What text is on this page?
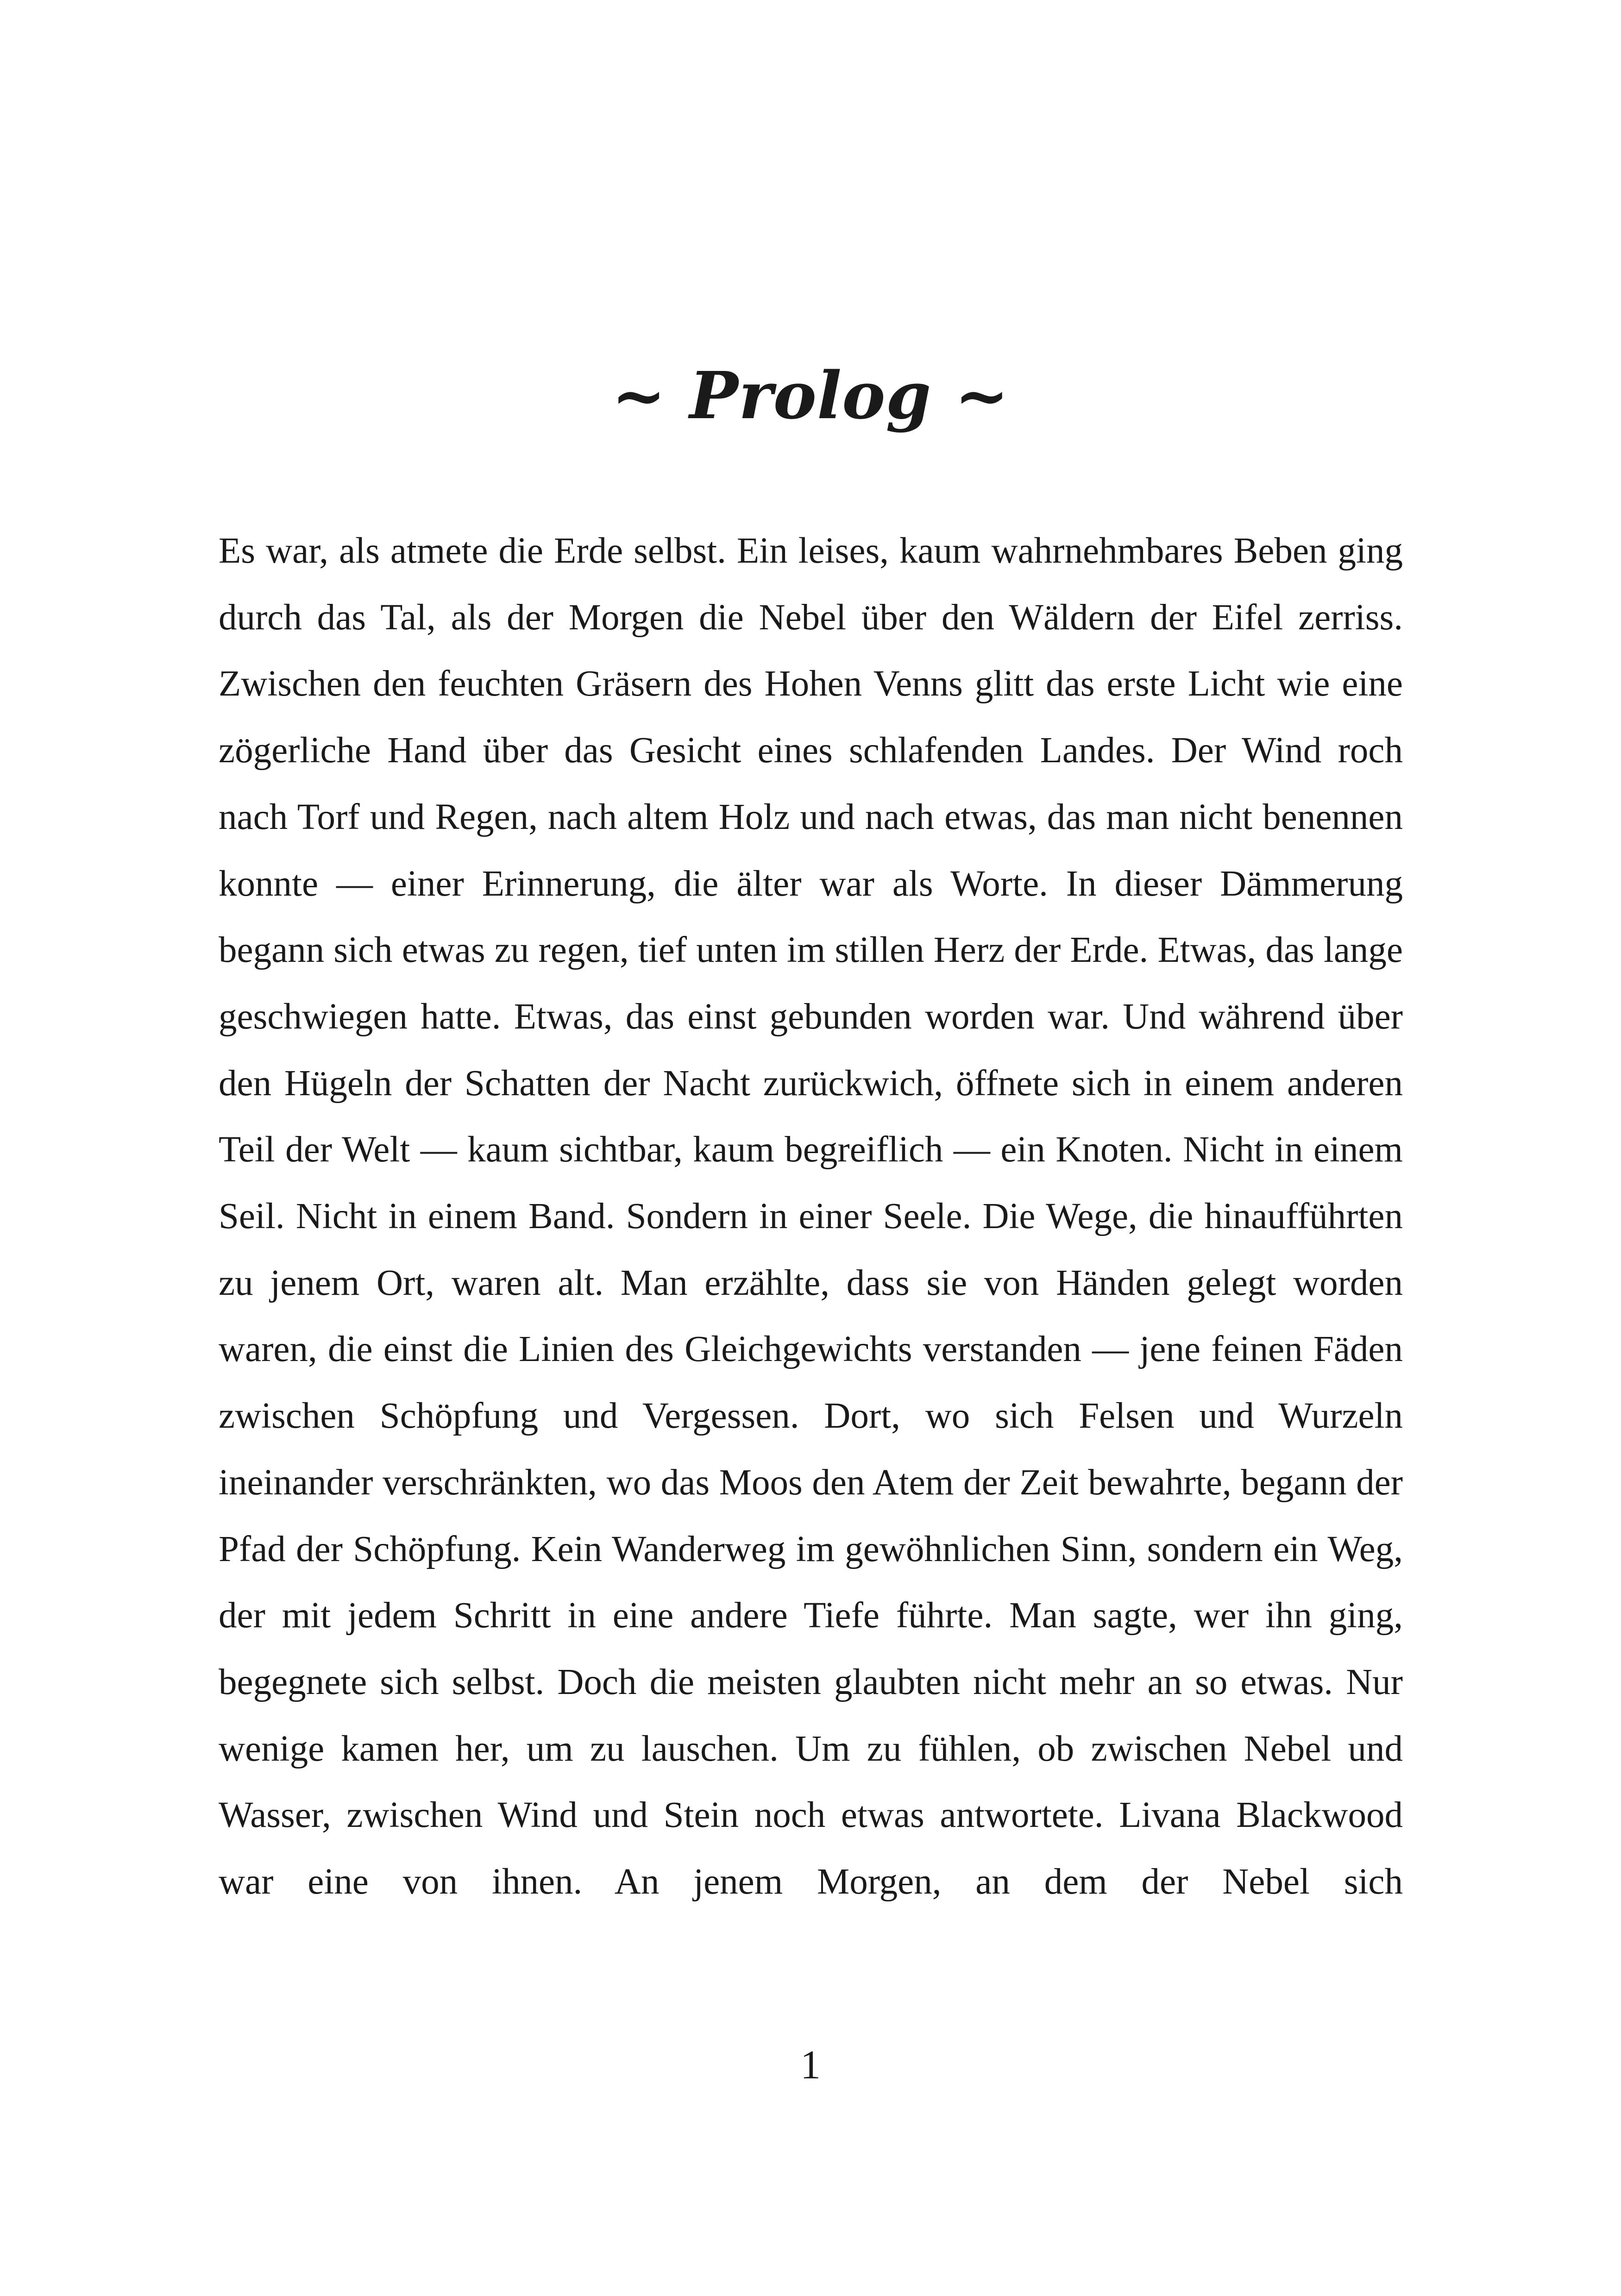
~ Prolog ~

Es war, als atmete die Erde selbst. Ein leises, kaum wahrnehmbares Beben ging durch das Tal, als der Morgen die Nebel über den Wäldern der Eifel zerriss. Zwischen den feuchten Gräsern des Hohen Venns glitt das erste Licht wie eine zögerliche Hand über das Gesicht eines schlafenden Landes. Der Wind roch nach Torf und Regen, nach altem Holz und nach etwas, das man nicht benennen konnte — einer Erinnerung, die älter war als Worte. In dieser Dämmerung begann sich etwas zu regen, tief unten im stillen Herz der Erde. Etwas, das lange geschwiegen hatte. Etwas, das einst gebunden worden war. Und während über den Hügeln der Schatten der Nacht zurückwich, öffnete sich in einem anderen Teil der Welt — kaum sichtbar, kaum begreiflich — ein Knoten. Nicht in einem Seil. Nicht in einem Band. Sondern in einer Seele. Die Wege, die hinaufführten zu jenem Ort, waren alt. Man erzählte, dass sie von Händen gelegt worden waren, die einst die Linien des Gleichgewichts verstanden — jene feinen Fäden zwischen Schöpfung und Vergessen. Dort, wo sich Felsen und Wurzeln ineinander verschränkten, wo das Moos den Atem der Zeit bewahrte, begann der Pfad der Schöpfung. Kein Wanderweg im gewöhnlichen Sinn, sondern ein Weg, der mit jedem Schritt in eine andere Tiefe führte. Man sagte, wer ihn ging, begegnete sich selbst. Doch die meisten glaubten nicht mehr an so etwas. Nur wenige kamen her, um zu lauschen. Um zu fühlen, ob zwischen Nebel und Wasser, zwischen Wind und Stein noch etwas antwortete. Livana Blackwood war eine von ihnen. An jenem Morgen, an dem der Nebel sich

1
